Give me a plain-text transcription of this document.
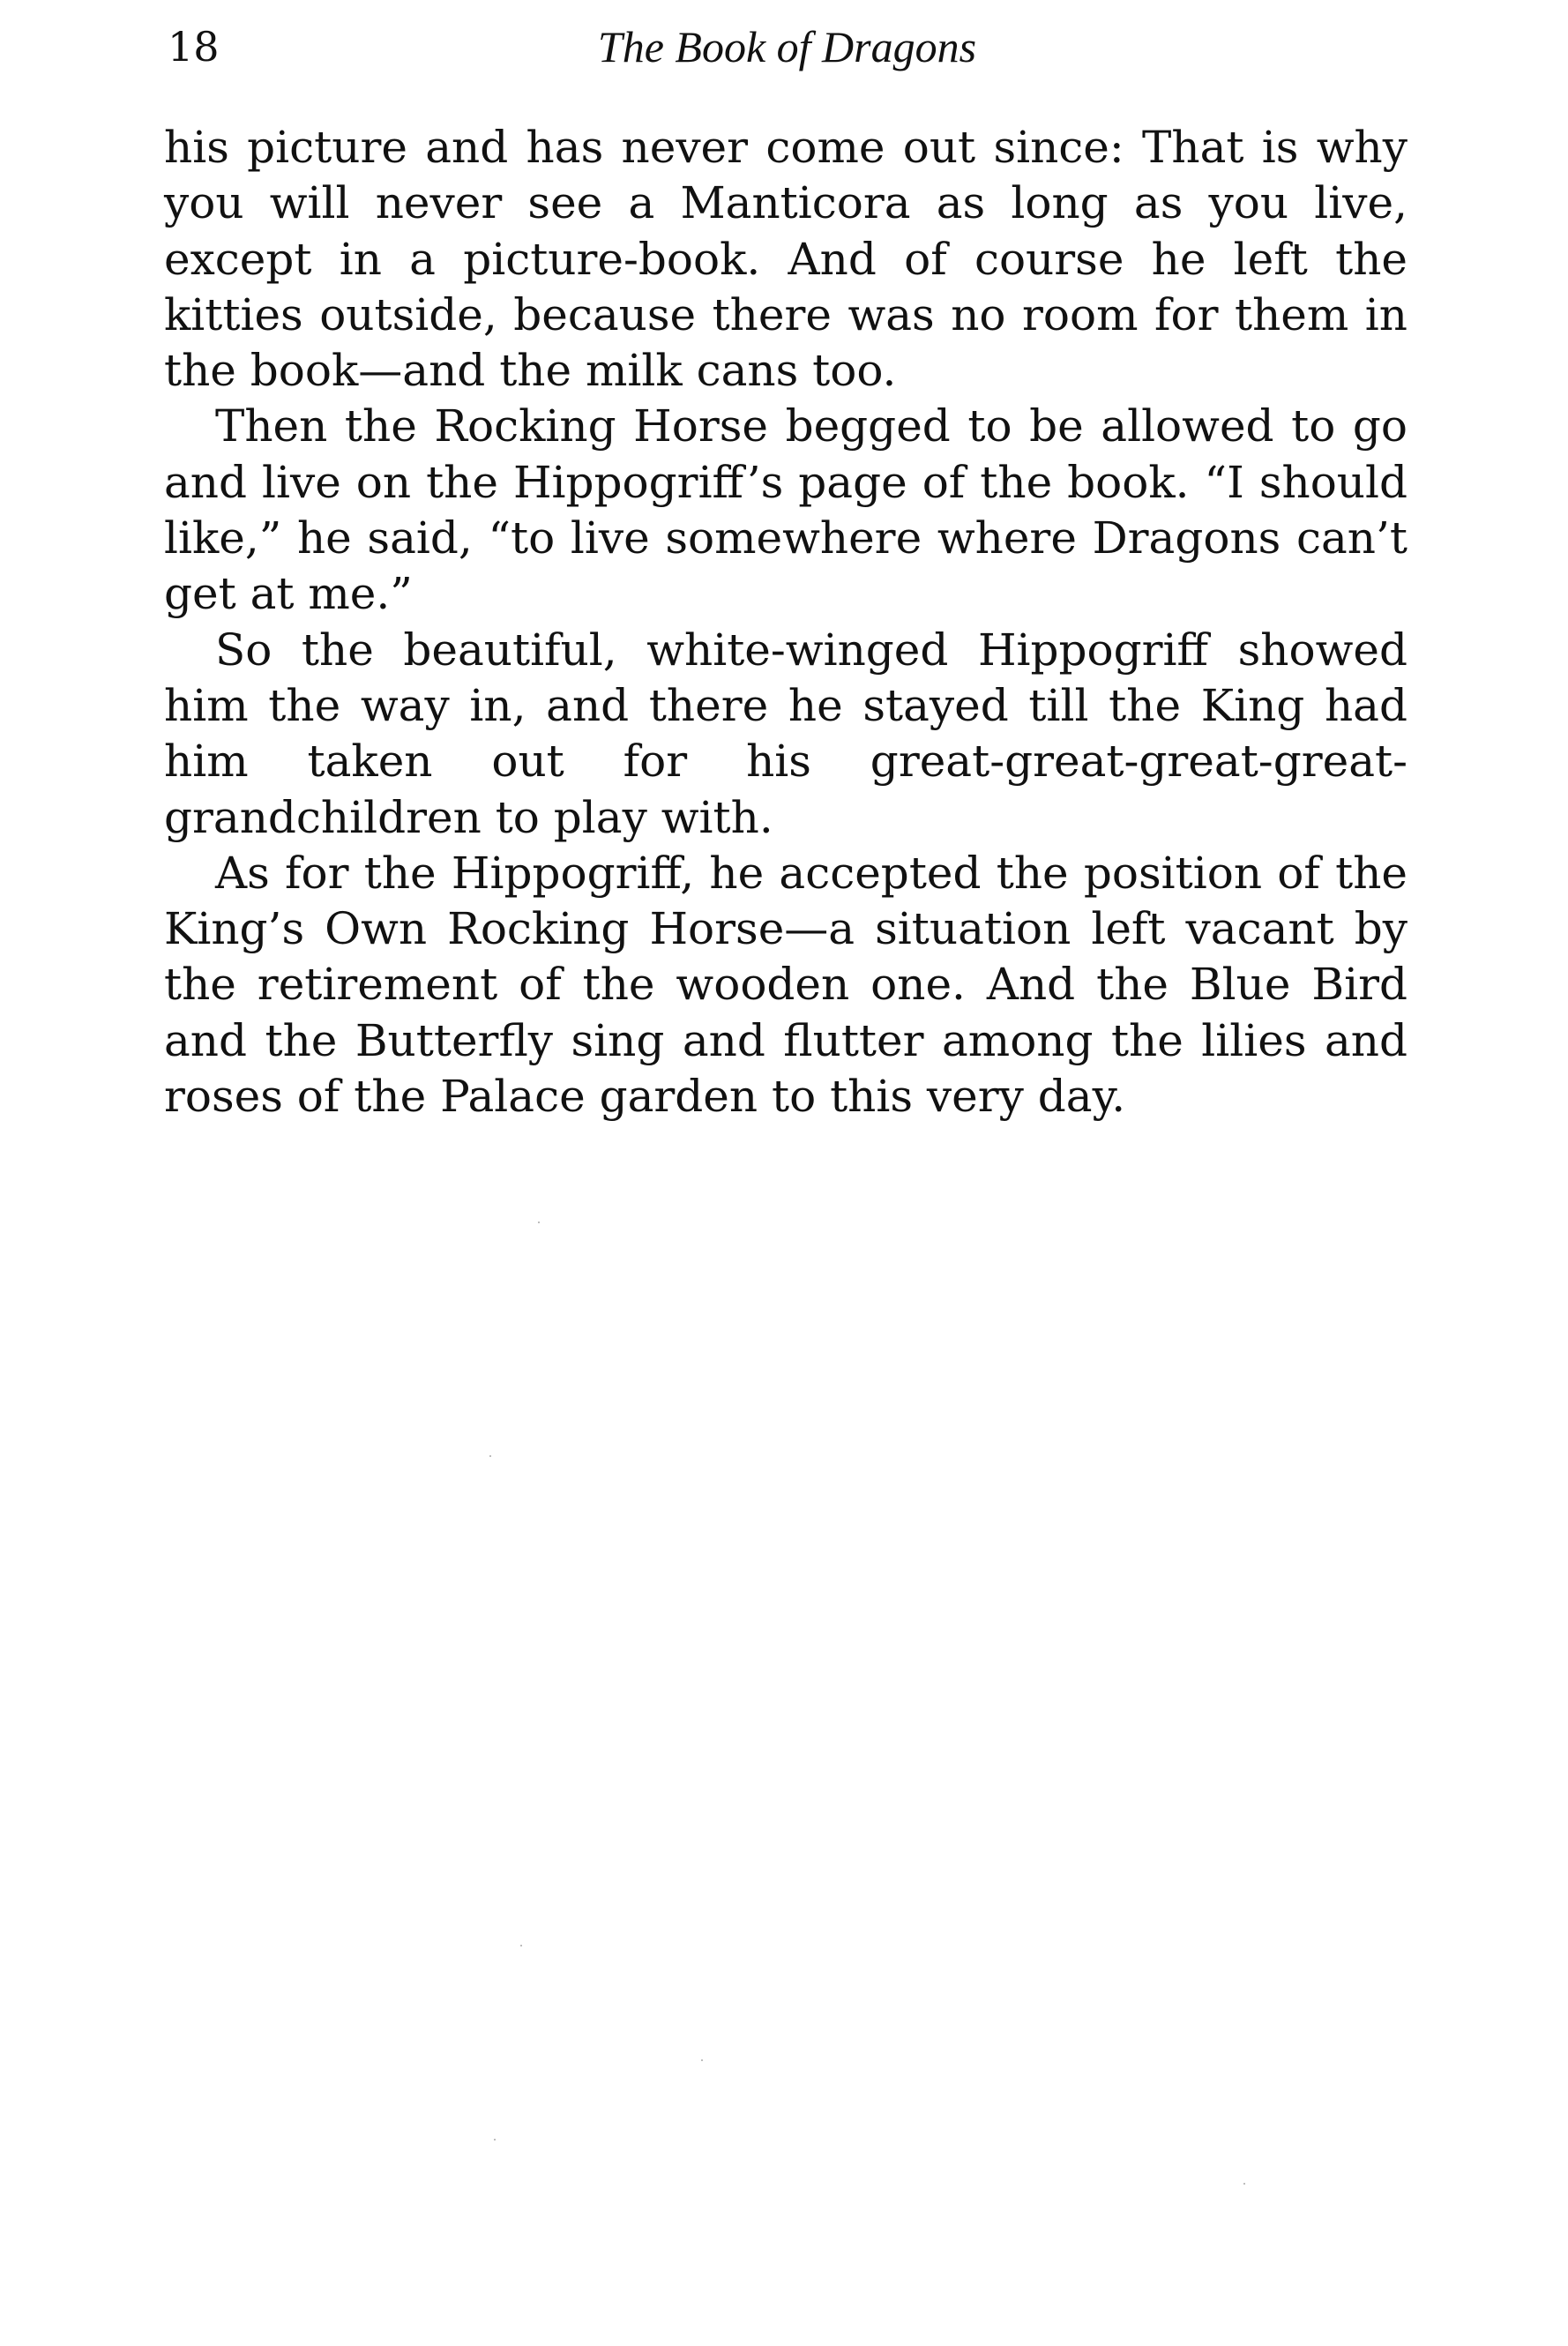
18	The Book of Dragons

his picture and has never come out since: That is why you will never see a Manticora as long as you live, except in a picture-book. And of course he left the kitties outside, because there was no room for them in the book—and the milk cans too.

Then the Rocking Horse begged to be allowed to go and live on the Hippogriff’s page of the book. “I should like,” he said, “to live somewhere where Dragons can’t get at me.”

So the beautiful, white-winged Hippogriff showed him the way in, and there he stayed till the King had him taken out for his great-great-great-great-grandchildren to play with.

As for the Hippogriff, he accepted the position of the King’s Own Rocking Horse—a situation left vacant by the retirement of the wooden one. And the Blue Bird and the Butterfly sing and flutter among the lilies and roses of the Palace garden to this very day.
